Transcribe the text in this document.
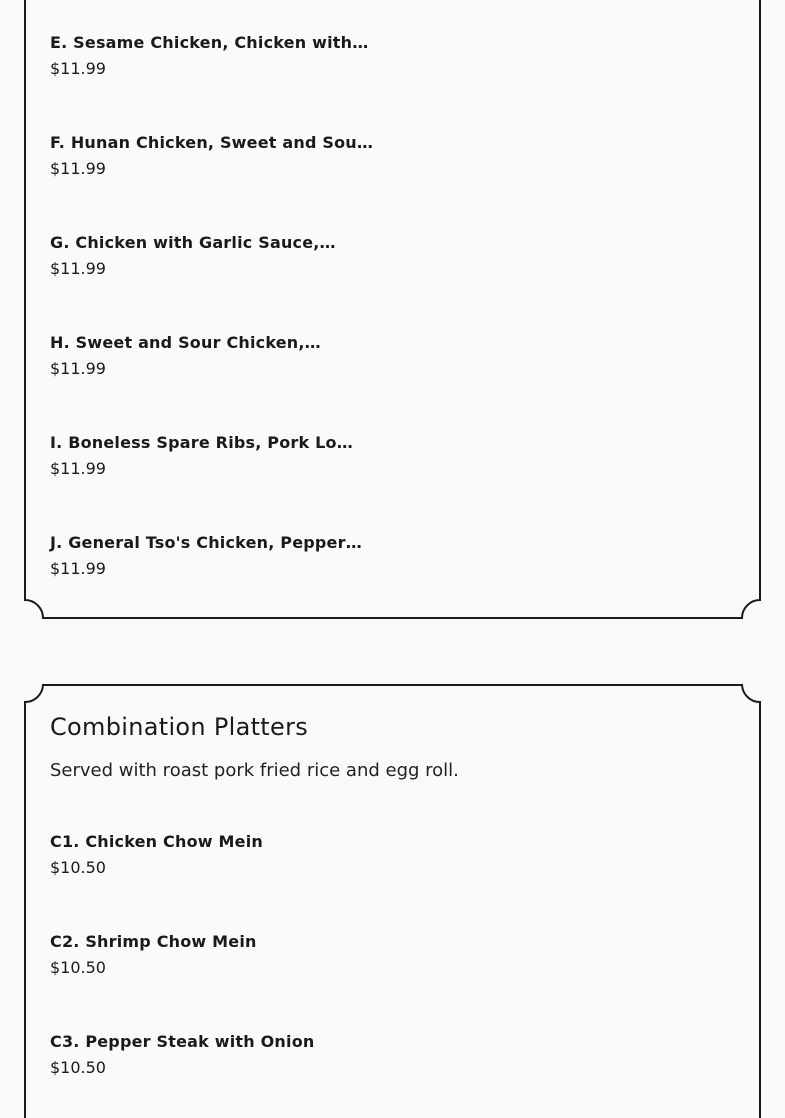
E. Sesame Chicken, Chicken with…
$11.99
F. Hunan Chicken, Sweet and Sou…
$11.99
G. Chicken with Garlic Sauce,…
$11.99
H. Sweet and Sour Chicken,…
$11.99
I. Boneless Spare Ribs, Pork Lo…
$11.99
J. General Tso's Chicken, Pepper…
$11.99
Combination Platters
Served with roast pork fried rice and egg roll.
C1. Chicken Chow Mein
$10.50
C2. Shrimp Chow Mein
$10.50
C3. Pepper Steak with Onion
$10.50
